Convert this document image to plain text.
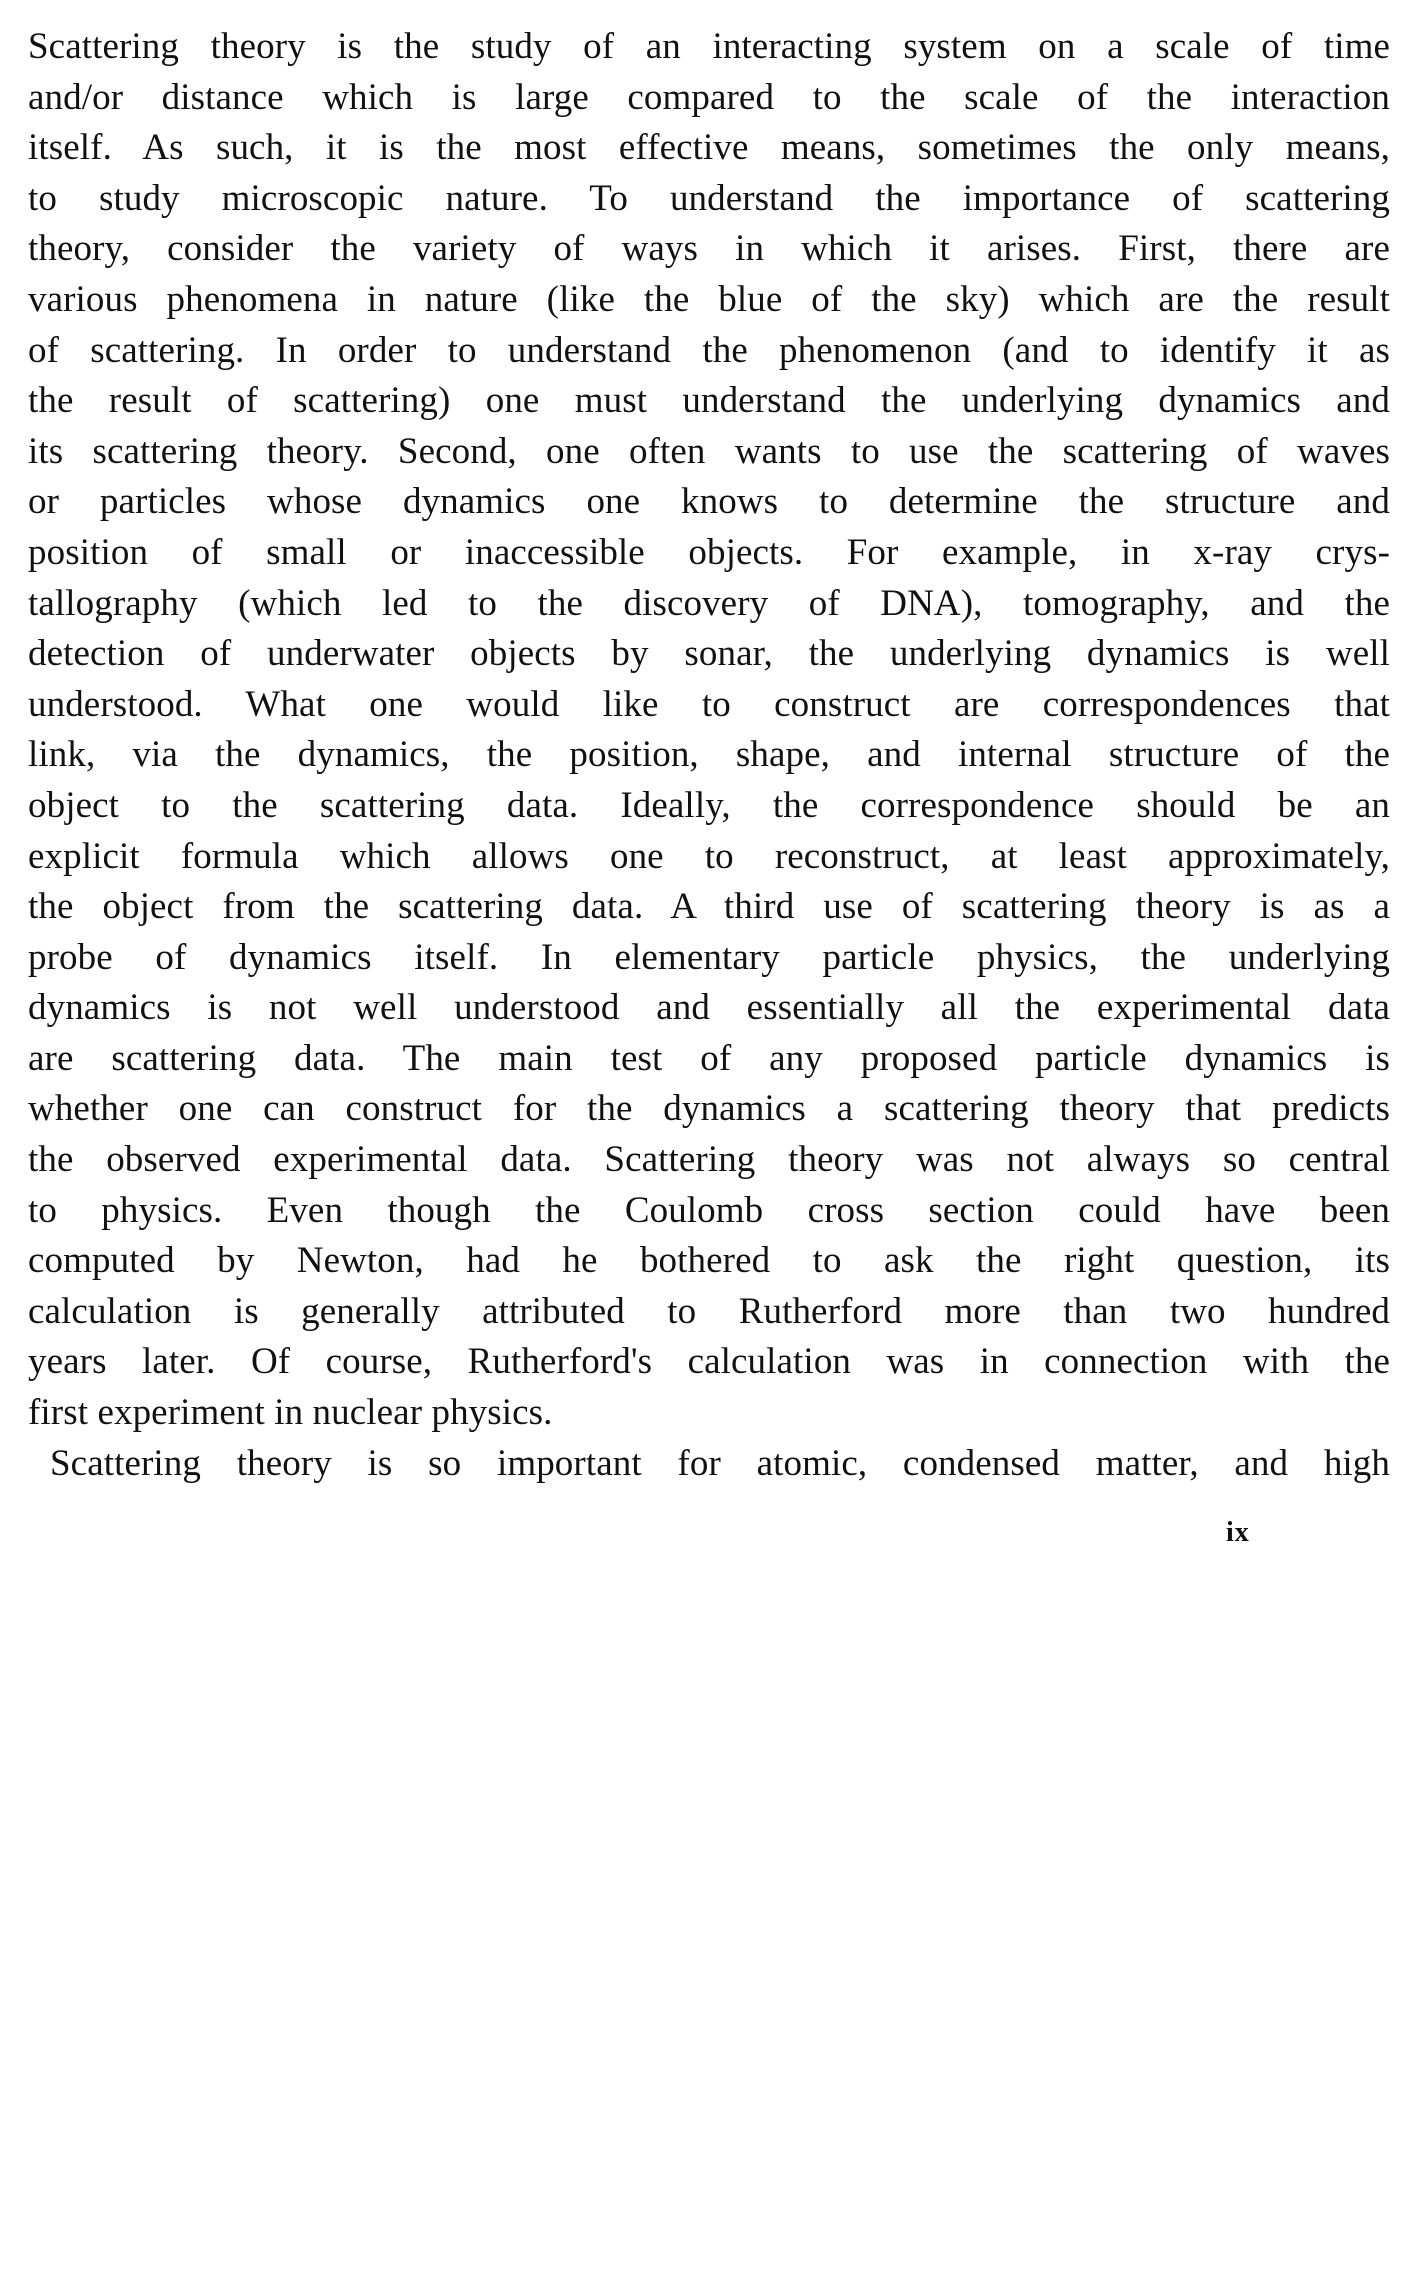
Scattering theory is the study of an interacting system on a scale of time
and/or distance which is large compared to the scale of the interaction
itself. As such, it is the most effective means, sometimes the only means,
to study microscopic nature. To understand the importance of scattering
theory, consider the variety of ways in which it arises. First, there are
various phenomena in nature (like the blue of the sky) which are the result
of scattering. In order to understand the phenomenon (and to identify it as
the result of scattering) one must understand the underlying dynamics and
its scattering theory. Second, one often wants to use the scattering of waves
or particles whose dynamics one knows to determine the structure and
position of small or inaccessible objects. For example, in x-ray crys-
tallography (which led to the discovery of DNA), tomography, and the
detection of underwater objects by sonar, the underlying dynamics is well
understood. What one would like to construct are correspondences that
link, via the dynamics, the position, shape, and internal structure of the
object to the scattering data. Ideally, the correspondence should be an
explicit formula which allows one to reconstruct, at least approximately,
the object from the scattering data. A third use of scattering theory is as a
probe of dynamics itself. In elementary particle physics, the underlying
dynamics is not well understood and essentially all the experimental data
are scattering data. The main test of any proposed particle dynamics is
whether one can construct for the dynamics a scattering theory that predicts
the observed experimental data. Scattering theory was not always so central
to physics. Even though the Coulomb cross section could have been
computed by Newton, had he bothered to ask the right question, its
calculation is generally attributed to Rutherford more than two hundred
years later. Of course, Rutherford's calculation was in connection with the
first experiment in nuclear physics.
Scattering theory is so important for atomic, condensed matter, and high
ix
